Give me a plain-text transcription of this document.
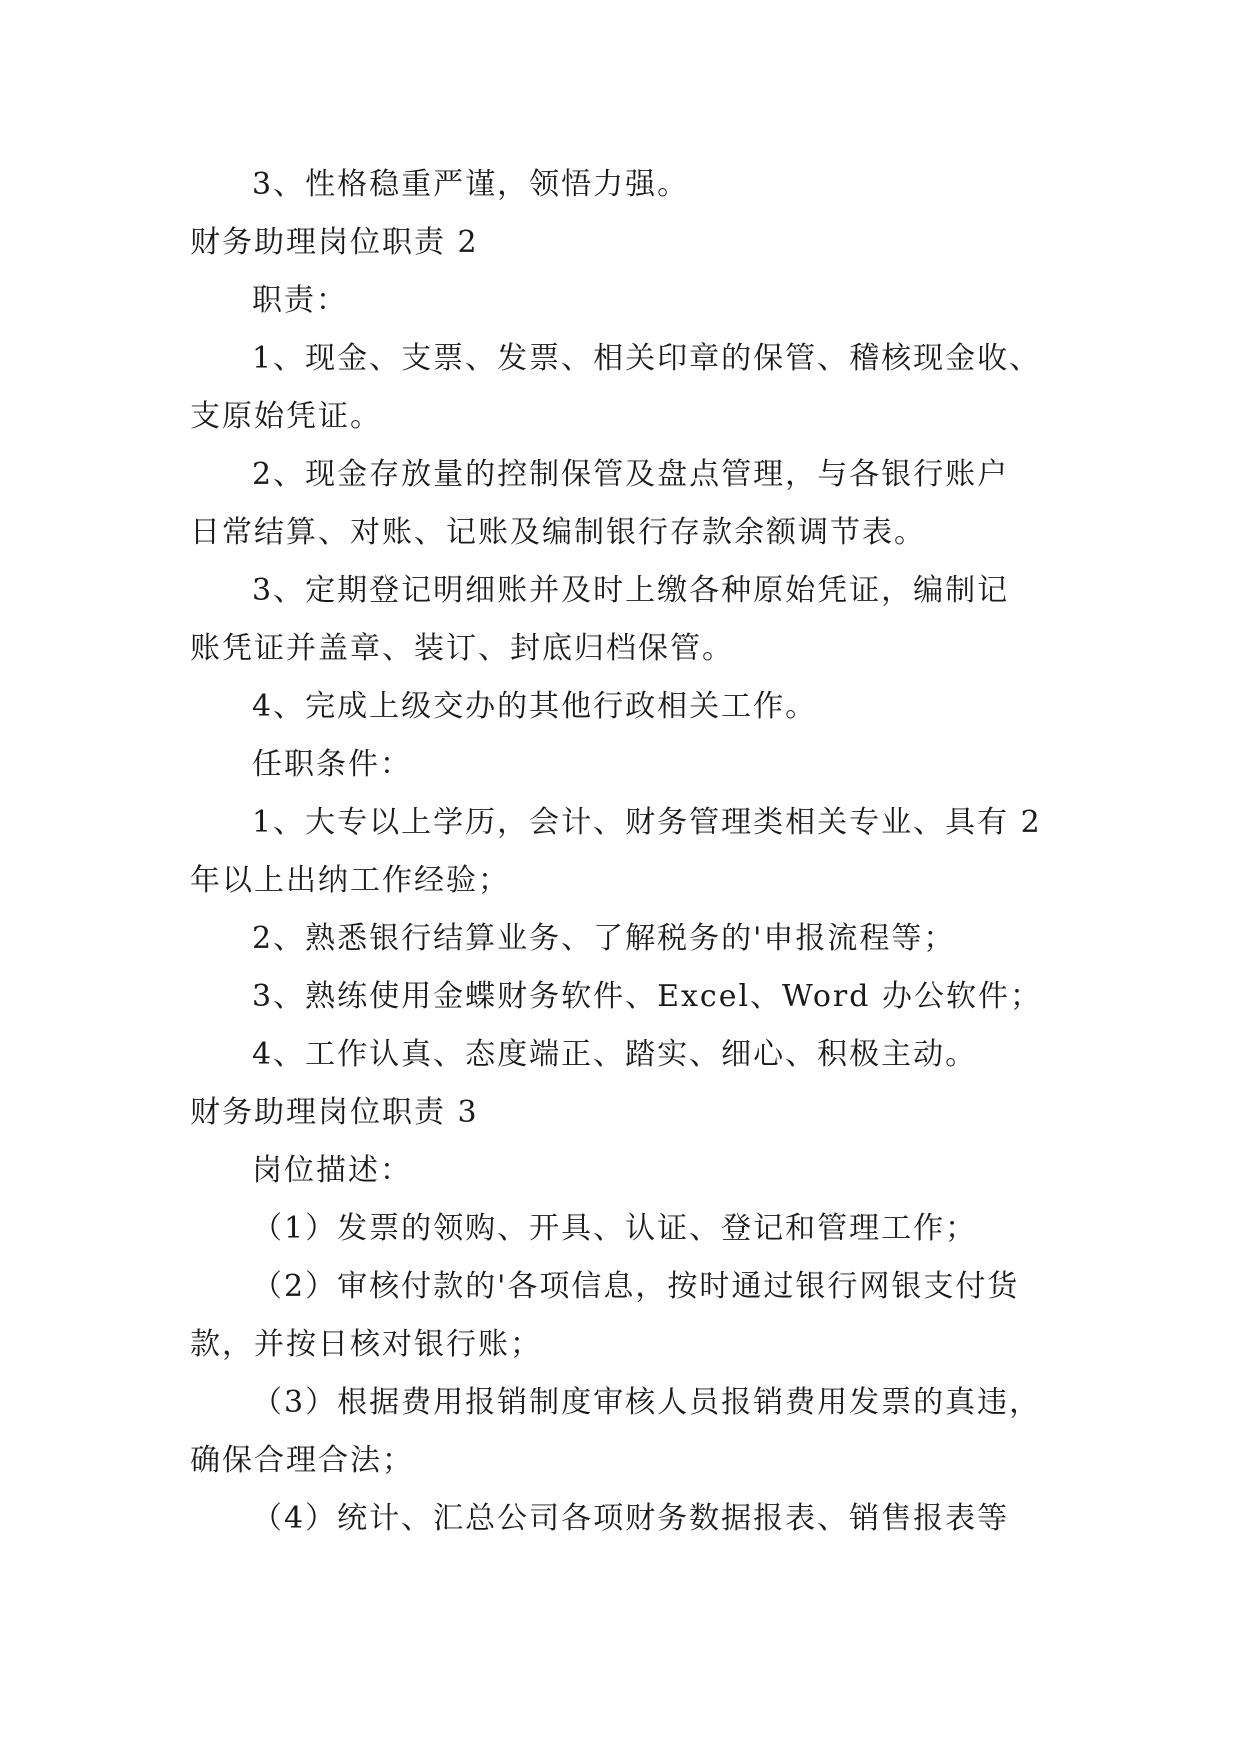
3、性格稳重严谨，领悟力强。
财务助理岗位职责 2
职责：
1、现金、支票、发票、相关印章的保管、稽核现金收、
支原始凭证。
2、现金存放量的控制保管及盘点管理，与各银行账户
日常结算、对账、记账及编制银行存款余额调节表。
3、定期登记明细账并及时上缴各种原始凭证，编制记
账凭证并盖章、装订、封底归档保管。
4、完成上级交办的其他行政相关工作。
任职条件：
1、大专以上学历，会计、财务管理类相关专业、具有 2
年以上出纳工作经验；
2、熟悉银行结算业务、了解税务的'申报流程等；
3、熟练使用金蝶财务软件、Excel、Word 办公软件；
4、工作认真、态度端正、踏实、细心、积极主动。
财务助理岗位职责 3
岗位描述：
（1）发票的领购、开具、认证、登记和管理工作；
（2）审核付款的'各项信息，按时通过银行网银支付货
款，并按日核对银行账；
（3）根据费用报销制度审核人员报销费用发票的真违，
确保合理合法；
（4）统计、汇总公司各项财务数据报表、销售报表等
